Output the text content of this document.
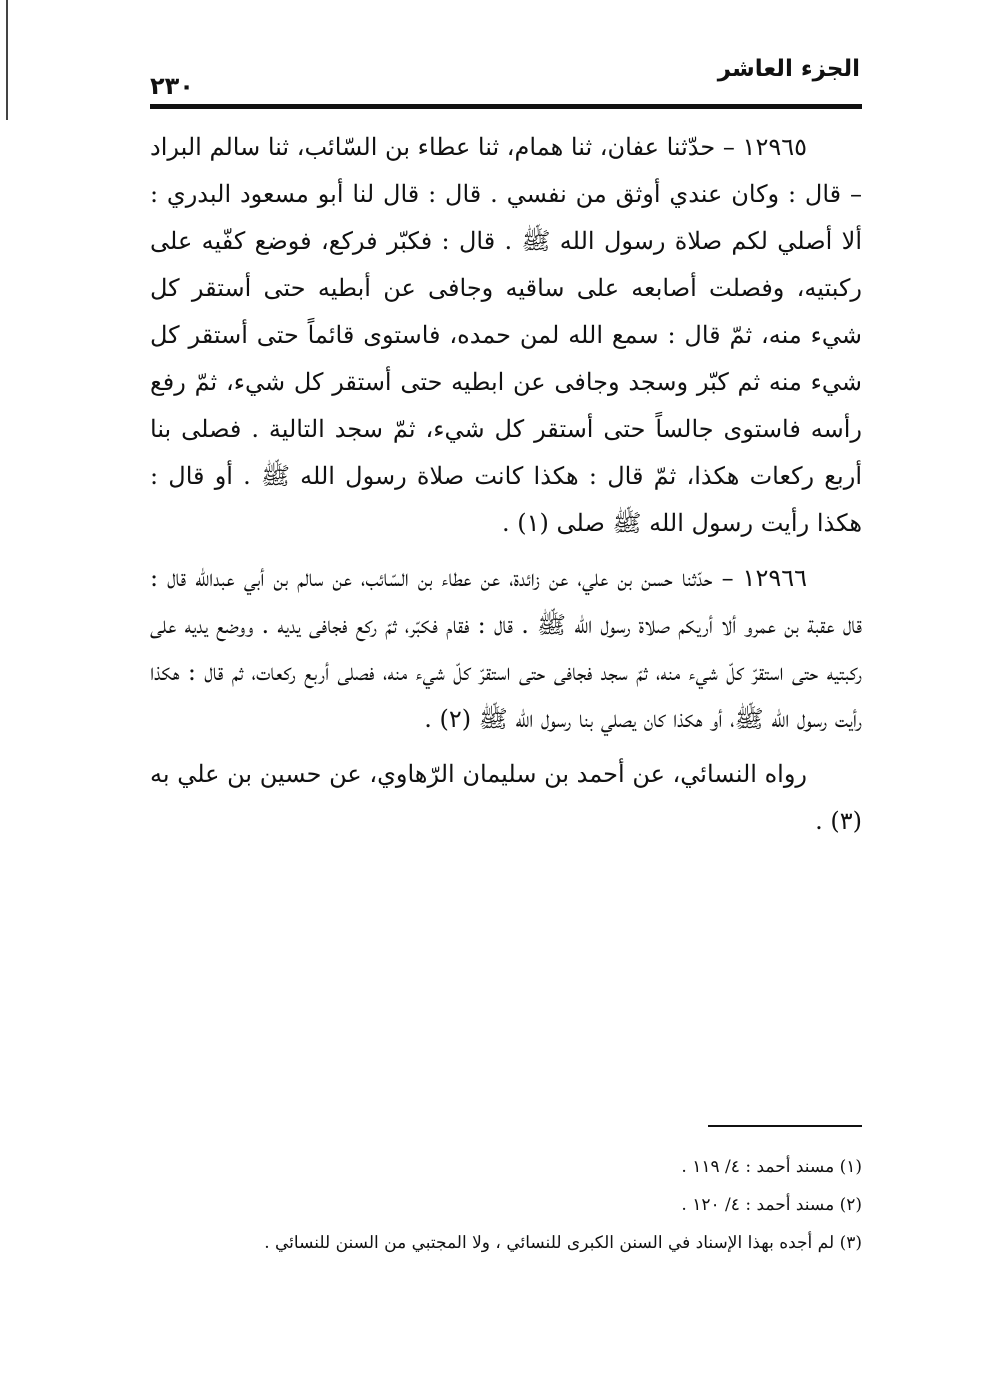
الجزء العاشر
٢٣٠

١٢٩٦٥ – حدّثنا عفان، ثنا همام، ثنا عطاء بن السّائب، ثنا سالم البراد – قال : وكان عندي أوثق من نفسي . قال : قال لنا أبو مسعود البدري : ألا أصلي لكم صلاة رسول الله ﷺ . قال : فكبّر فركع، فوضع كفّيه على ركبتيه، وفصلت أصابعه على ساقيه وجافى عن أبطيه حتى أستقر كل شيء منه، ثمّ قال : سمع الله لمن حمده، فاستوى قائماً حتى أستقر كل شيء منه ثم كبّر وسجد وجافى عن ابطيه حتى أستقر كل شيء، ثمّ رفع رأسه فاستوى جالساً حتى أستقر كل شيء، ثمّ سجد التالية . فصلى بنا أربع ركعات هكذا، ثمّ قال : هكذا كانت صلاة رسول الله ﷺ . أو قال : هكذا رأيت رسول الله ﷺ صلى (١) .

١٢٩٦٦ – حدّثنا حسن بن علي، عن زائدة، عن عطاء بن السّائب، عن سالم بن أبي عبدالله قال : قال عقبة بن عمرو ألا أريكم صلاة رسول الله ﷺ . قال : فقام فكبّر، ثمّ ركع فجافى يديه . ووضع يديه على ركبتيه حتى استقرّ كلّ شيء منه، ثمّ سجد فجافى حتى استقرّ كلّ شيء منه، فصلى أربع ركعات، ثم قال : هكذا رأيت رسول الله ﷺ، أو هكذا كان يصلي بنا رسول الله ﷺ (٢) .

رواه النسائي، عن أحمد بن سليمان الرّهاوي، عن حسين بن علي به (٣) .

(١) مسند أحمد : ٤/ ١١٩ .
(٢) مسند أحمد : ٤/ ١٢٠ .
(٣) لم أجده بهذا الإسناد في السنن الكبرى للنسائي ، ولا المجتبي من السنن للنسائي .
